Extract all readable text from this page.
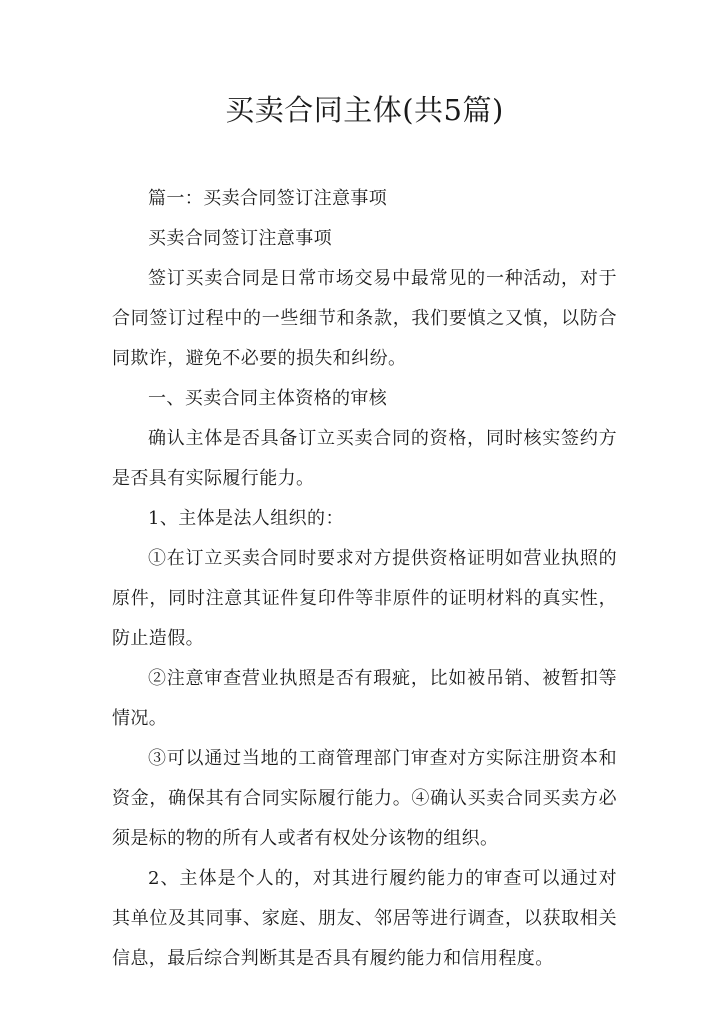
买卖合同主体(共5篇)

篇一：买卖合同签订注意事项

买卖合同签订注意事项

签订买卖合同是日常市场交易中最常见的一种活动，对于合同签订过程中的一些细节和条款，我们要慎之又慎，以防合同欺诈，避免不必要的损失和纠纷。

一、买卖合同主体资格的审核

确认主体是否具备订立买卖合同的资格，同时核实签约方是否具有实际履行能力。

1、主体是法人组织的：

①在订立买卖合同时要求对方提供资格证明如营业执照的原件，同时注意其证件复印件等非原件的证明材料的真实性，防止造假。

②注意审查营业执照是否有瑕疵，比如被吊销、被暂扣等情况。

③可以通过当地的工商管理部门审查对方实际注册资本和资金，确保其有合同实际履行能力。④确认买卖合同买卖方必须是标的物的所有人或者有权处分该物的组织。

2、主体是个人的，对其进行履约能力的审查可以通过对其单位及其同事、家庭、朋友、邻居等进行调查，以获取相关信息，最后综合判断其是否具有履约能力和信用程度。
